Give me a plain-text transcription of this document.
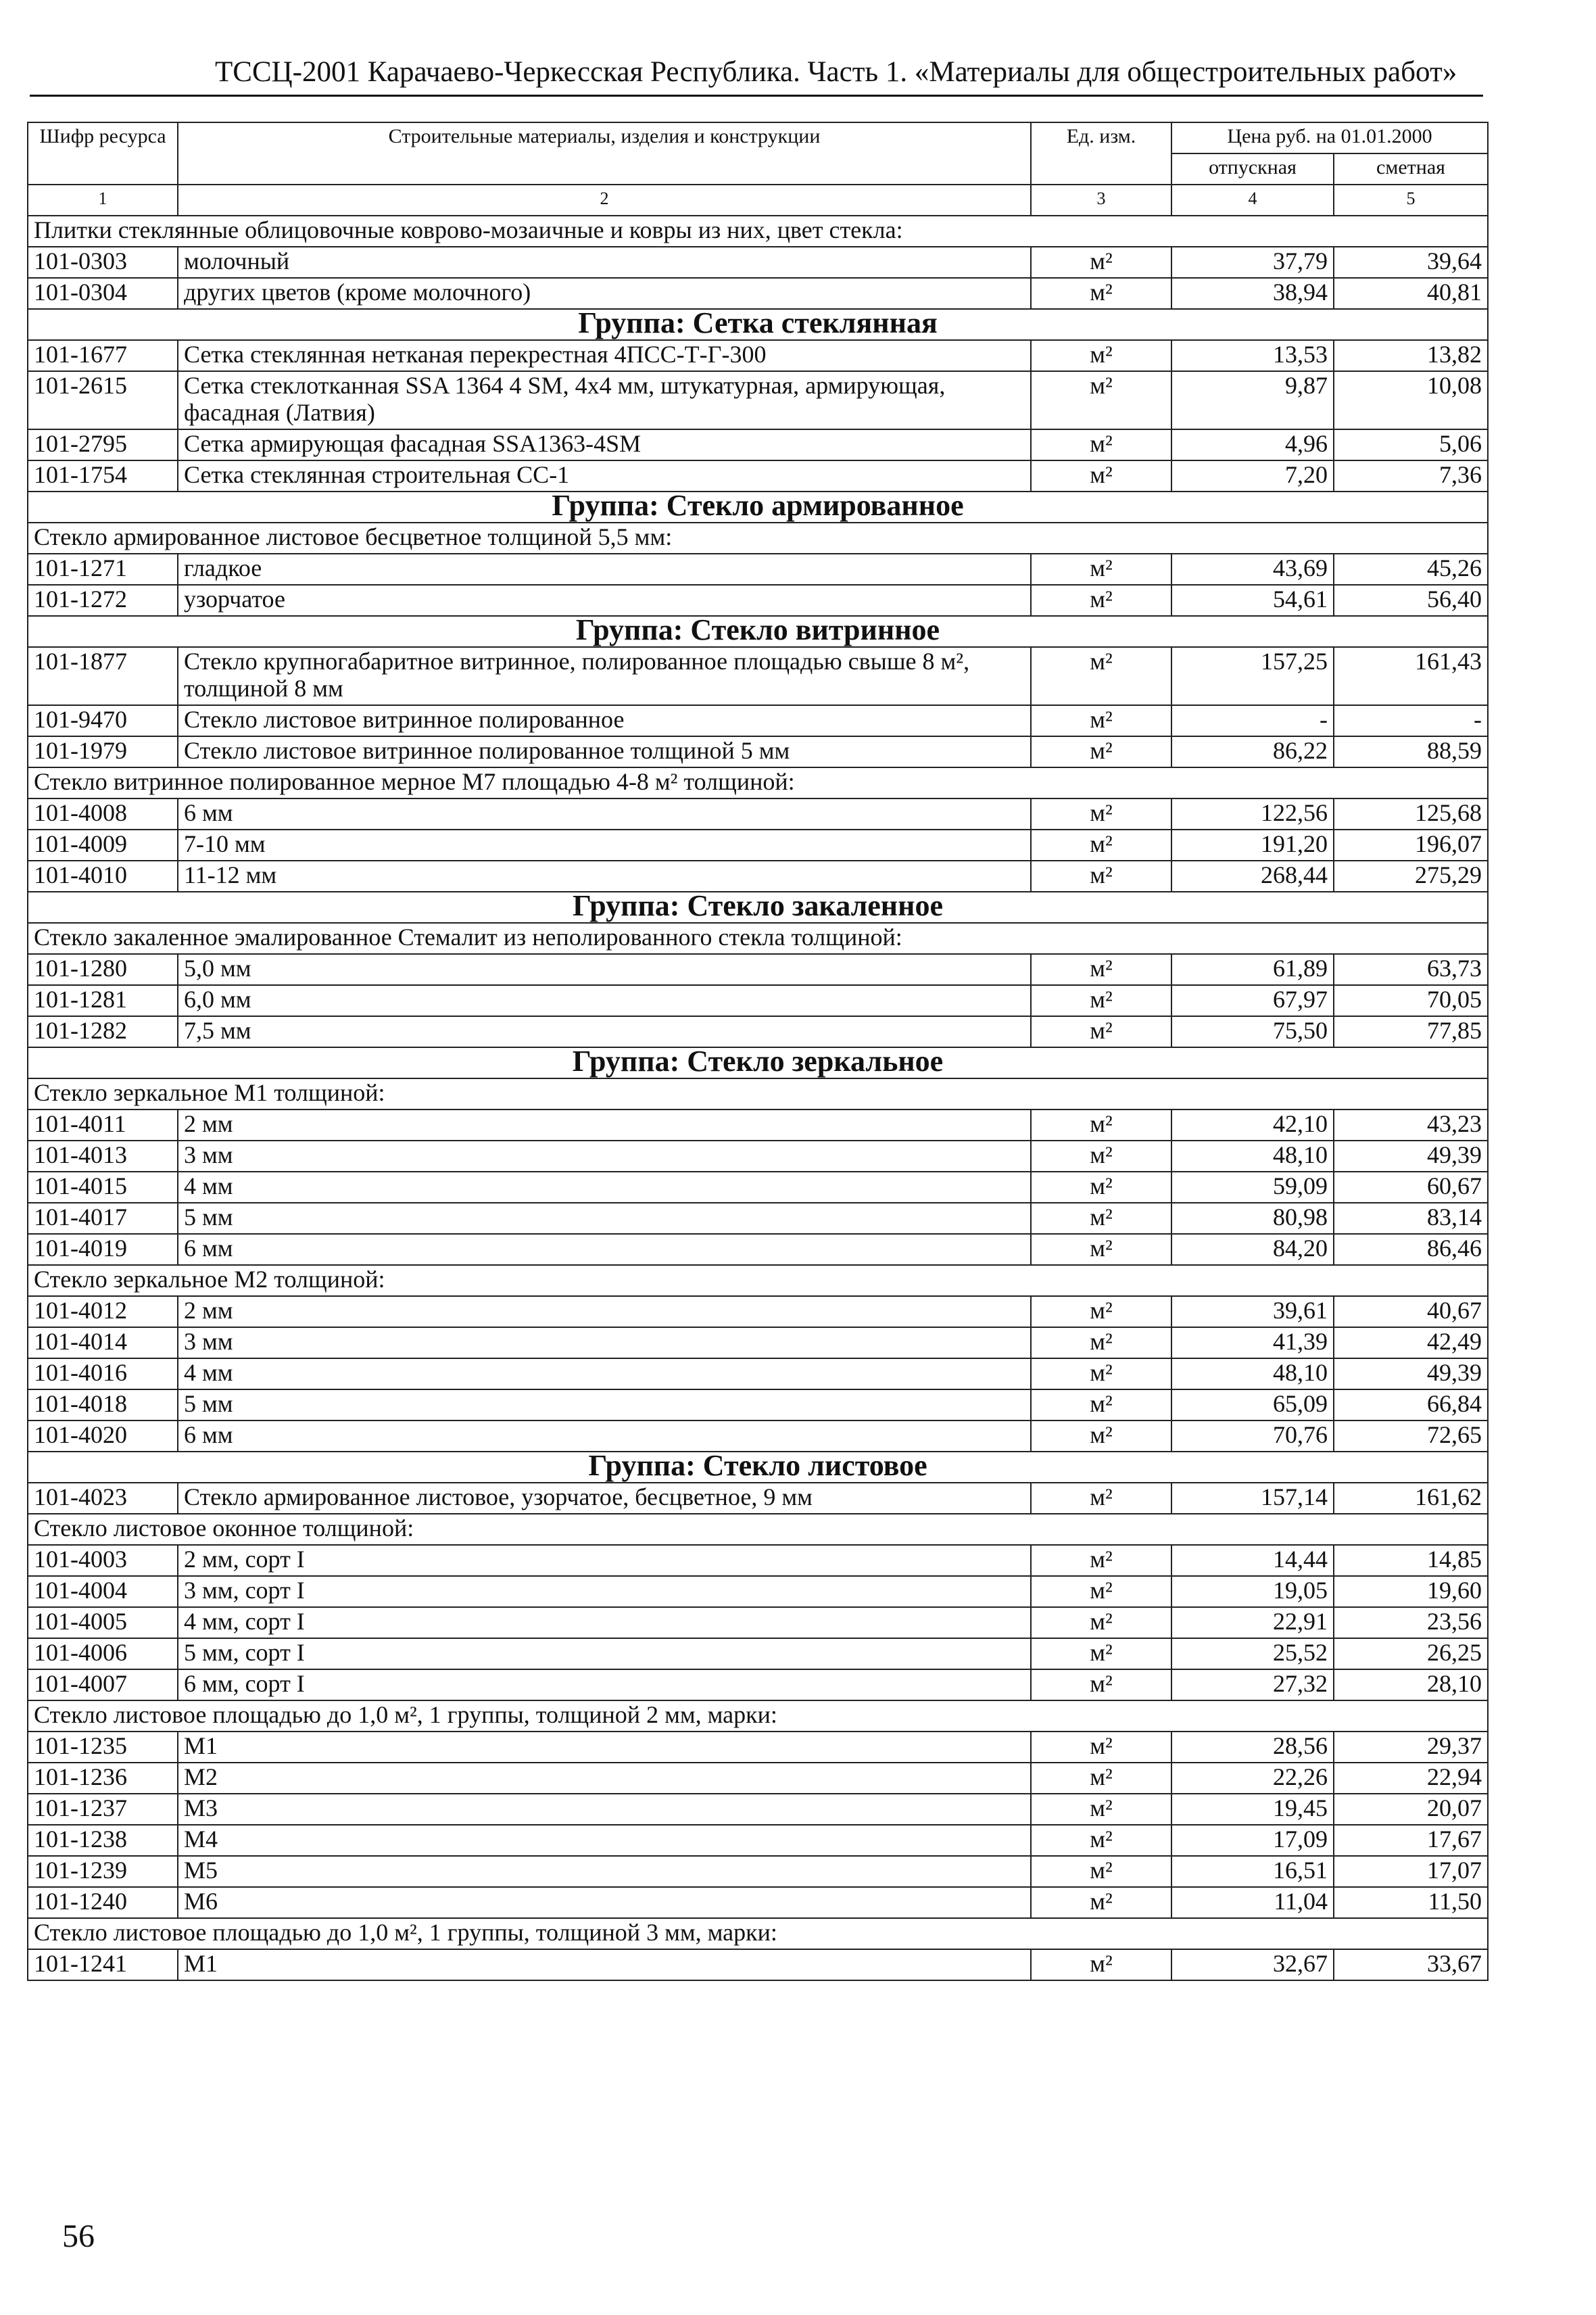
ТССЦ-2001 Карачаево-Черкесская Республика. Часть 1. «Материалы для общестроительных работ»
Шифр ресурса	Строительные материалы, изделия и конструкции	Ед. изм.	Цена руб. на 01.01.2000	
			отпускная	сметная
1	2	3	4	5
Плитки стеклянные облицовочные коврово-мозаичные и ковры из них, цвет стекла:				
101-0303	молочный	м²	37,79	39,64
101-0304	других цветов (кроме молочного)	м²	38,94	40,81
Группа: Сетка стеклянная				
101-1677	Сетка стеклянная нетканая перекрестная 4ПСС-Т-Г-300	м²	13,53	13,82
101-2615	Сетка стеклотканная SSA 1364 4 SM, 4х4 мм, штукатурная, армирующая, фасадная (Латвия)	м²	9,87	10,08
101-2795	Сетка армирующая фасадная SSA1363-4SM	м²	4,96	5,06
101-1754	Сетка стеклянная строительная СС-1	м²	7,20	7,36
Группа: Стекло армированное				
Стекло армированное листовое бесцветное толщиной 5,5 мм:				
101-1271	гладкое	м²	43,69	45,26
101-1272	узорчатое	м²	54,61	56,40
Группа: Стекло витринное				
101-1877	Стекло крупногабаритное витринное, полированное площадью свыше 8 м², толщиной 8 мм	м²	157,25	161,43
101-9470	Стекло листовое витринное полированное	м²	-	-
101-1979	Стекло листовое витринное полированное толщиной 5 мм	м²	86,22	88,59
Стекло витринное полированное мерное М7 площадью 4-8 м² толщиной:				
101-4008	6 мм	м²	122,56	125,68
101-4009	7-10 мм	м²	191,20	196,07
101-4010	11-12 мм	м²	268,44	275,29
Группа: Стекло закаленное				
Стекло закаленное эмалированное Стемалит из неполированного стекла толщиной:				
101-1280	5,0 мм	м²	61,89	63,73
101-1281	6,0 мм	м²	67,97	70,05
101-1282	7,5 мм	м²	75,50	77,85
Группа: Стекло зеркальное				
Стекло зеркальное М1 толщиной:				
101-4011	2 мм	м²	42,10	43,23
101-4013	3 мм	м²	48,10	49,39
101-4015	4 мм	м²	59,09	60,67
101-4017	5 мм	м²	80,98	83,14
101-4019	6 мм	м²	84,20	86,46
Стекло зеркальное М2 толщиной:				
101-4012	2 мм	м²	39,61	40,67
101-4014	3 мм	м²	41,39	42,49
101-4016	4 мм	м²	48,10	49,39
101-4018	5 мм	м²	65,09	66,84
101-4020	6 мм	м²	70,76	72,65
Группа: Стекло листовое				
101-4023	Стекло армированное листовое, узорчатое, бесцветное, 9 мм	м²	157,14	161,62
Стекло листовое оконное толщиной:				
101-4003	2 мм, сорт I	м²	14,44	14,85
101-4004	3 мм, сорт I	м²	19,05	19,60
101-4005	4 мм, сорт I	м²	22,91	23,56
101-4006	5 мм, сорт I	м²	25,52	26,25
101-4007	6 мм, сорт I	м²	27,32	28,10
Стекло листовое площадью до 1,0 м², 1 группы, толщиной 2 мм, марки:				
101-1235	М1	м²	28,56	29,37
101-1236	М2	м²	22,26	22,94
101-1237	М3	м²	19,45	20,07
101-1238	М4	м²	17,09	17,67
101-1239	М5	м²	16,51	17,07
101-1240	М6	м²	11,04	11,50
Стекло листовое площадью до 1,0 м², 1 группы, толщиной 3 мм, марки:				
101-1241	М1	м²	32,67	33,67
56
